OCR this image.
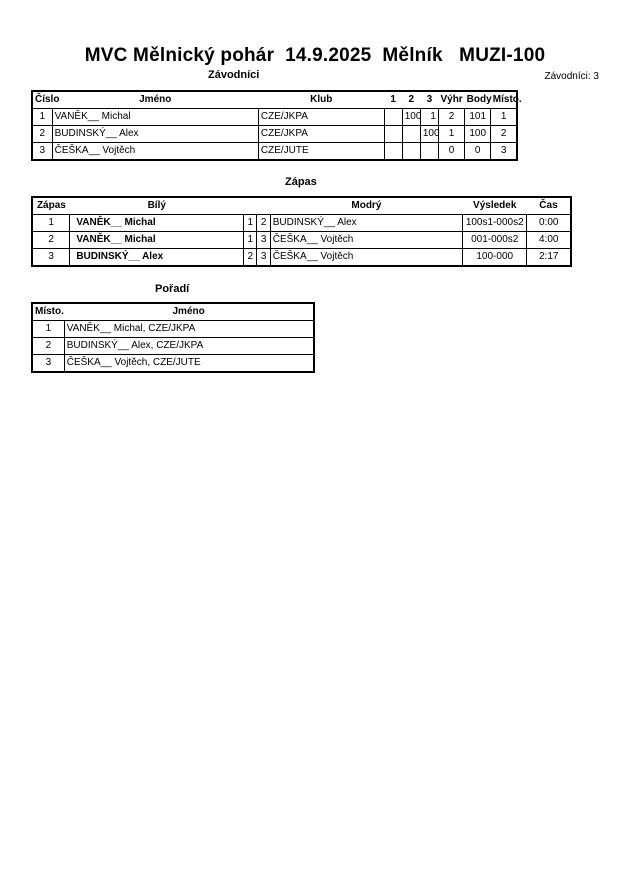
MVC Mělnický pohár  14.9.2025  Mělník   MUZI-100
Závodníci	Závodníci: 3
Číslo	Jméno	Klub	1	2	3	Výhr	Body	Místo.
1	VANĚK__ Michal	CZE/JKPA		100	1	2	101	1
2	BUDINSKÝ__ Alex	CZE/JKPA			100	1	100	2
3	ČEŠKA__ Vojtěch	CZE/JUTE				0	0	3
Zápas
Zápas	Bílý			Modrý	Výsledek	Čas
1	VANĚK__ Michal	1	2	BUDINSKÝ__ Alex	100s1-000s2	0:00
2	VANĚK__ Michal	1	3	ČEŠKA__ Vojtěch	001-000s2	4:00
3	BUDINSKÝ__ Alex	2	3	ČEŠKA__ Vojtěch	100-000	2:17
Pořadí
Místo.	Jméno
1	VANĚK__ Michal, CZE/JKPA
2	BUDINSKÝ__ Alex, CZE/JKPA
3	ČEŠKA__ Vojtěch, CZE/JUTE
